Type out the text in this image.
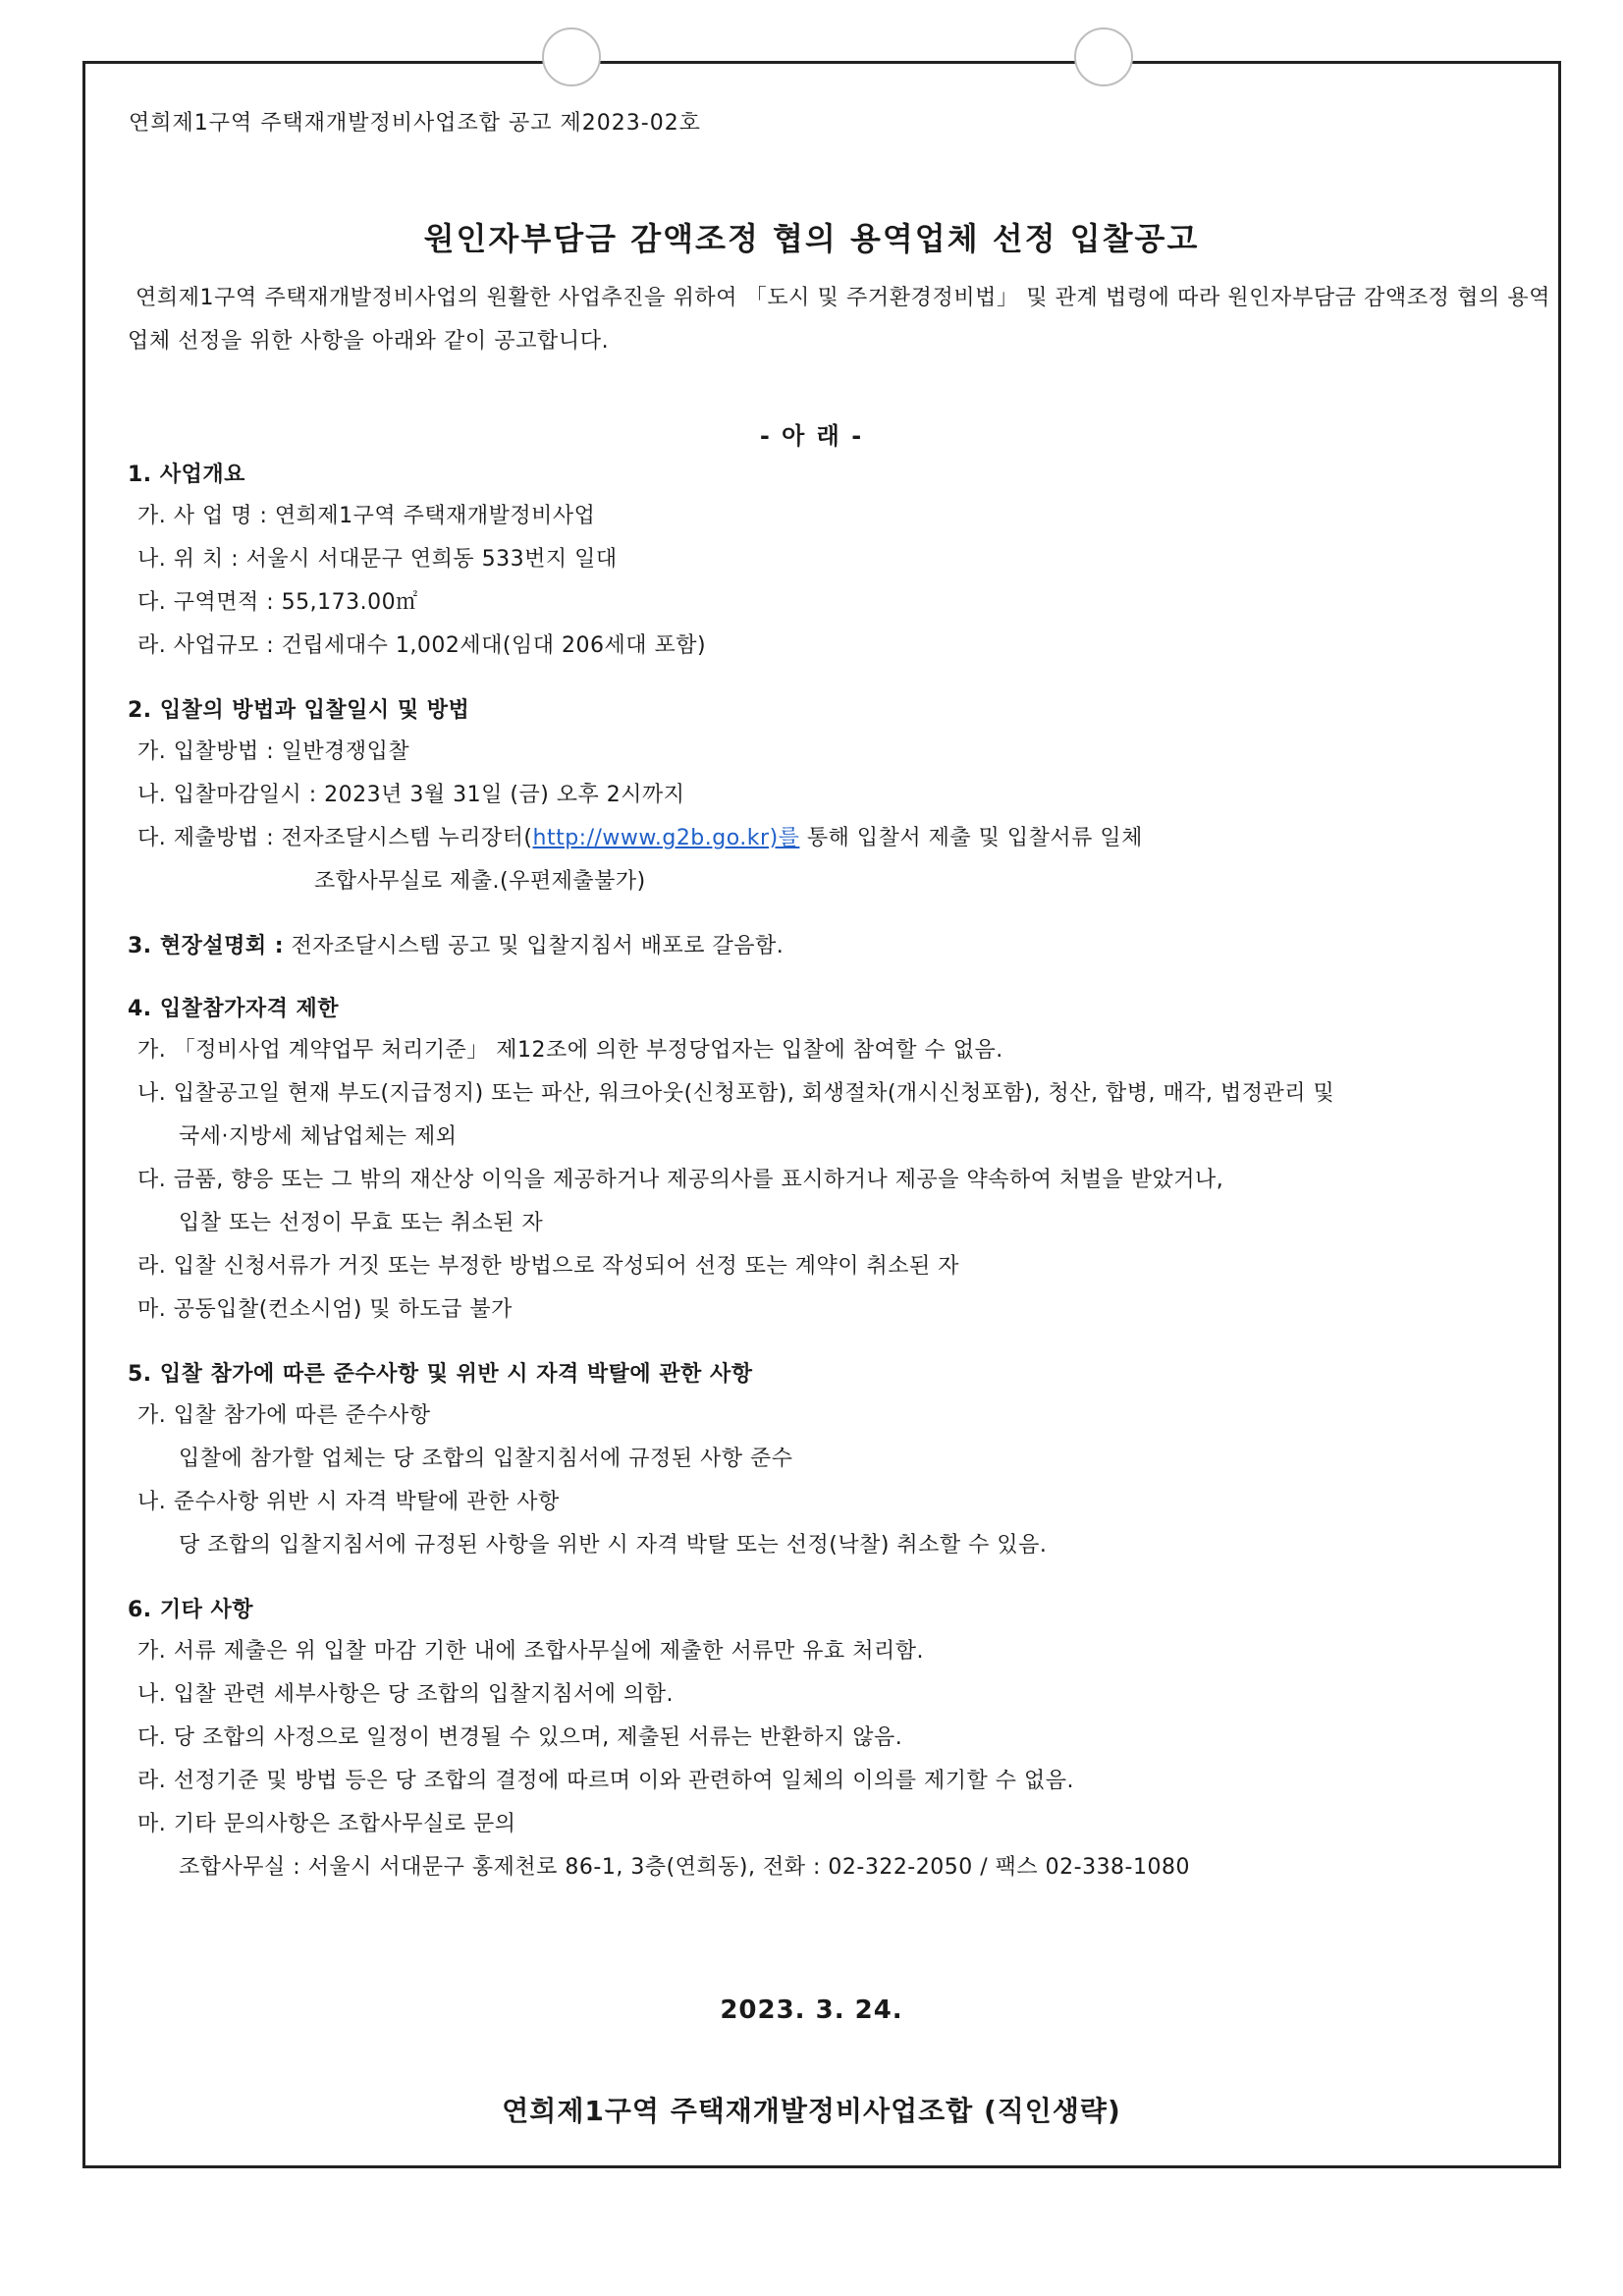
연희제1구역 주택재개발정비사업조합 공고 제2023-02호
원인자부담금 감액조정 협의 용역업체 선정 입찰공고

연희제1구역 주택재개발정비사업의 원활한 사업추진을 위하여 「도시 및 주거환경정비법」 및 관계 법령에 따라 원인자부담금 감액조정 협의 용역업체 선정을 위한 사항을 아래와 같이 공고합니다.

- 아 래 -
1. 사업개요
가. 사 업 명 : 연희제1구역 주택재개발정비사업
나. 위 치 : 서울시 서대문구 연희동 533번지 일대
다. 구역면적 : 55,173.00㎡
라. 사업규모 : 건립세대수 1,002세대(임대 206세대 포함)
2. 입찰의 방법과 입찰일시 및 방법
가. 입찰방법 : 일반경쟁입찰
나. 입찰마감일시 : 2023년 3월 31일 (금) 오후 2시까지
다. 제출방법 : 전자조달시스템 누리장터(http://www.g2b.go.kr)를 통해 입찰서 제출 및 입찰서류 일체
조합사무실로 제출.(우편제출불가)
3. 현장설명회 : 전자조달시스템 공고 및 입찰지침서 배포로 갈음함.
4. 입찰참가자격 제한
가. 「정비사업 계약업무 처리기준」 제12조에 의한 부정당업자는 입찰에 참여할 수 없음.
나. 입찰공고일 현재 부도(지급정지) 또는 파산, 워크아웃(신청포함), 회생절차(개시신청포함), 청산, 합병, 매각, 법정관리 및
국세·지방세 체납업체는 제외
다. 금품, 향응 또는 그 밖의 재산상 이익을 제공하거나 제공의사를 표시하거나 제공을 약속하여 처벌을 받았거나,
입찰 또는 선정이 무효 또는 취소된 자
라. 입찰 신청서류가 거짓 또는 부정한 방법으로 작성되어 선정 또는 계약이 취소된 자
마. 공동입찰(컨소시엄) 및 하도급 불가
5. 입찰 참가에 따른 준수사항 및 위반 시 자격 박탈에 관한 사항
가. 입찰 참가에 따른 준수사항
입찰에 참가할 업체는 당 조합의 입찰지침서에 규정된 사항 준수
나. 준수사항 위반 시 자격 박탈에 관한 사항
당 조합의 입찰지침서에 규정된 사항을 위반 시 자격 박탈 또는 선정(낙찰) 취소할 수 있음.
6. 기타 사항
가. 서류 제출은 위 입찰 마감 기한 내에 조합사무실에 제출한 서류만 유효 처리함.
나. 입찰 관련 세부사항은 당 조합의 입찰지침서에 의함.
다. 당 조합의 사정으로 일정이 변경될 수 있으며, 제출된 서류는 반환하지 않음.
라. 선정기준 및 방법 등은 당 조합의 결정에 따르며 이와 관련하여 일체의 이의를 제기할 수 없음.
마. 기타 문의사항은 조합사무실로 문의
조합사무실 : 서울시 서대문구 홍제천로 86-1, 3층(연희동), 전화 : 02-322-2050 / 팩스 02-338-1080
2023. 3. 24.
연희제1구역 주택재개발정비사업조합 (직인생략)
